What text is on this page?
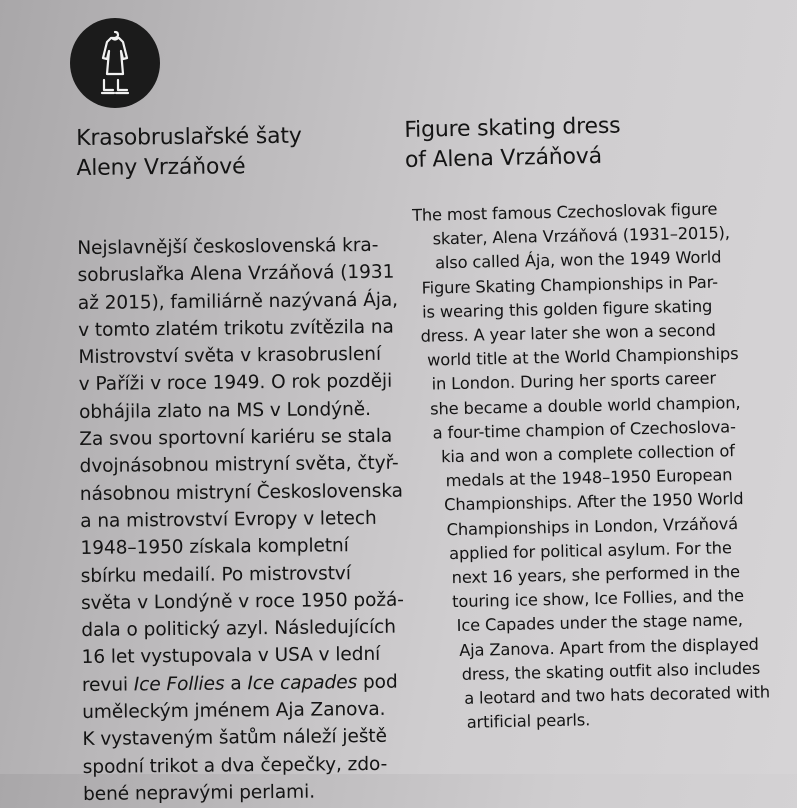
Krasobruslařské šaty
Aleny Vrzáňové
Nejslavnější československá kra-
sobruslařka Alena Vrzáňová (1931
až 2015), familiárně nazývaná Ája,
v tomto zlatém trikotu zvítězila na
Mistrovství světa v krasobruslení
v Paříži v roce 1949. O rok později
obhájila zlato na MS v Londýně.
Za svou sportovní kariéru se stala
dvojnásobnou mistryní světa, čtyř-
násobnou mistryní Československa
a na mistrovství Evropy v letech
1948–1950 získala kompletní
sbírku medailí. Po mistrovství
světa v Londýně v roce 1950 požá-
dala o politický azyl. Následujících
16 let vystupovala v USA v lední
revui Ice Follies a Ice capades pod
uměleckým jménem Aja Zanova.
K vystaveným šatům náleží ještě
spodní trikot a dva čepečky, zdo-
bené nepravými perlami.
Figure skating dress
of Alena Vrzáňová
The most famous Czechoslovak figure
skater, Alena Vrzáňová (1931–2015),
also called Ája, won the 1949 World
Figure Skating Championships in Par-
is wearing this golden figure skating
dress. A year later she won a second
world title at the World Championships
in London. During her sports career
she became a double world champion,
a four-time champion of Czechoslova-
kia and won a complete collection of
medals at the 1948–1950 European
Championships. After the 1950 World
Championships in London, Vrzáňová
applied for political asylum. For the
next 16 years, she performed in the
touring ice show, Ice Follies, and the
Ice Capades under the stage name,
Aja Zanova. Apart from the displayed
dress, the skating outfit also includes
a leotard and two hats decorated with
artificial pearls.
